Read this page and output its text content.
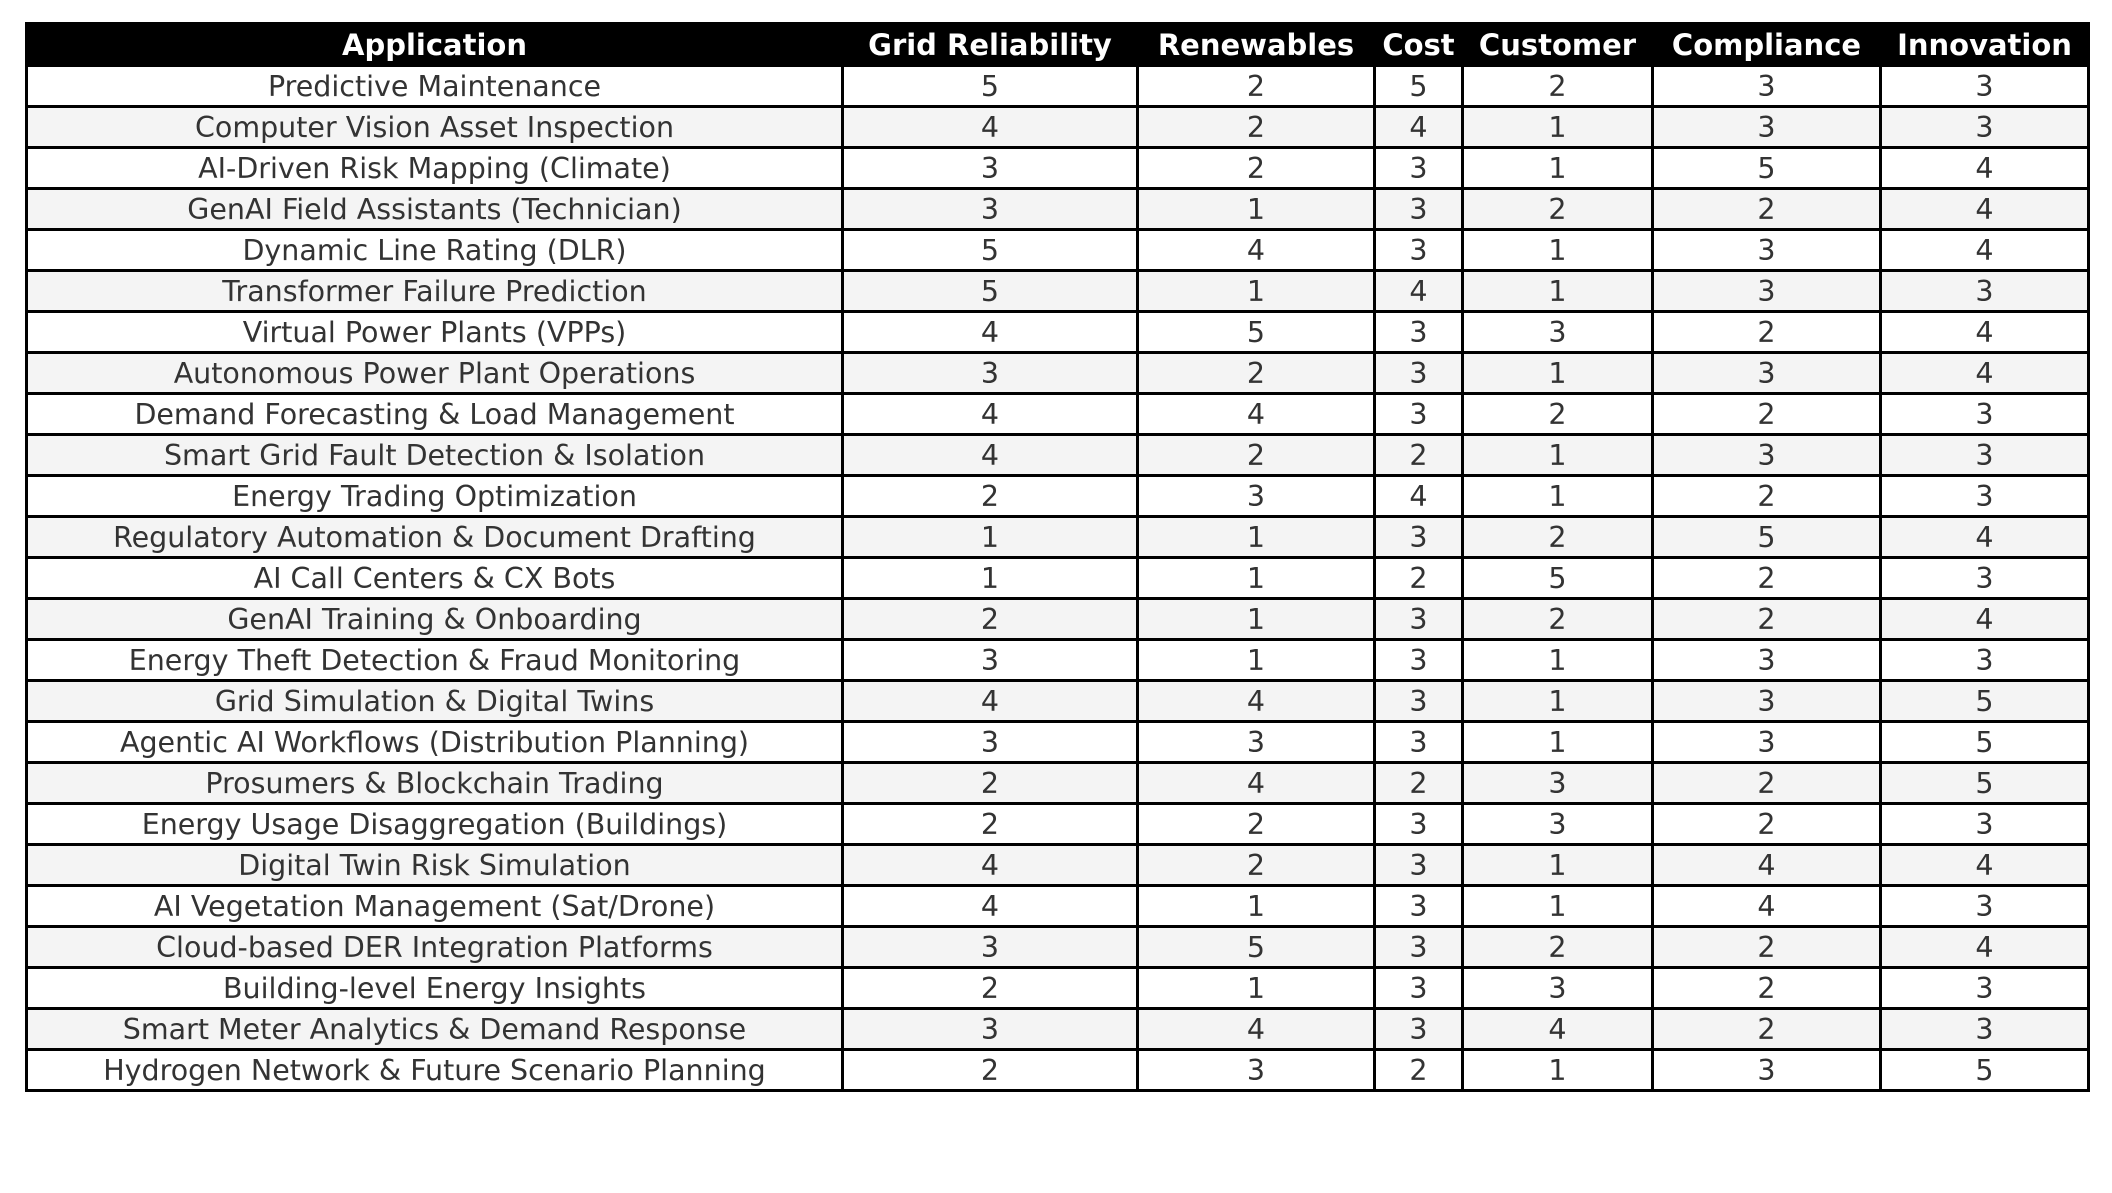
Application	Grid Reliability	Renewables	Cost	Customer	Compliance	Innovation
Predictive Maintenance	5	2	5	2	3	3
Computer Vision Asset Inspection	4	2	4	1	3	3
AI-Driven Risk Mapping (Climate)	3	2	3	1	5	4
GenAI Field Assistants (Technician)	3	1	3	2	2	4
Dynamic Line Rating (DLR)	5	4	3	1	3	4
Transformer Failure Prediction	5	1	4	1	3	3
Virtual Power Plants (VPPs)	4	5	3	3	2	4
Autonomous Power Plant Operations	3	2	3	1	3	4
Demand Forecasting & Load Management	4	4	3	2	2	3
Smart Grid Fault Detection & Isolation	4	2	2	1	3	3
Energy Trading Optimization	2	3	4	1	2	3
Regulatory Automation & Document Drafting	1	1	3	2	5	4
AI Call Centers & CX Bots	1	1	2	5	2	3
GenAI Training & Onboarding	2	1	3	2	2	4
Energy Theft Detection & Fraud Monitoring	3	1	3	1	3	3
Grid Simulation & Digital Twins	4	4	3	1	3	5
Agentic AI Workflows (Distribution Planning)	3	3	3	1	3	5
Prosumers & Blockchain Trading	2	4	2	3	2	5
Energy Usage Disaggregation (Buildings)	2	2	3	3	2	3
Digital Twin Risk Simulation	4	2	3	1	4	4
AI Vegetation Management (Sat/Drone)	4	1	3	1	4	3
Cloud-based DER Integration Platforms	3	5	3	2	2	4
Building-level Energy Insights	2	1	3	3	2	3
Smart Meter Analytics & Demand Response	3	4	3	4	2	3
Hydrogen Network & Future Scenario Planning	2	3	2	1	3	5
